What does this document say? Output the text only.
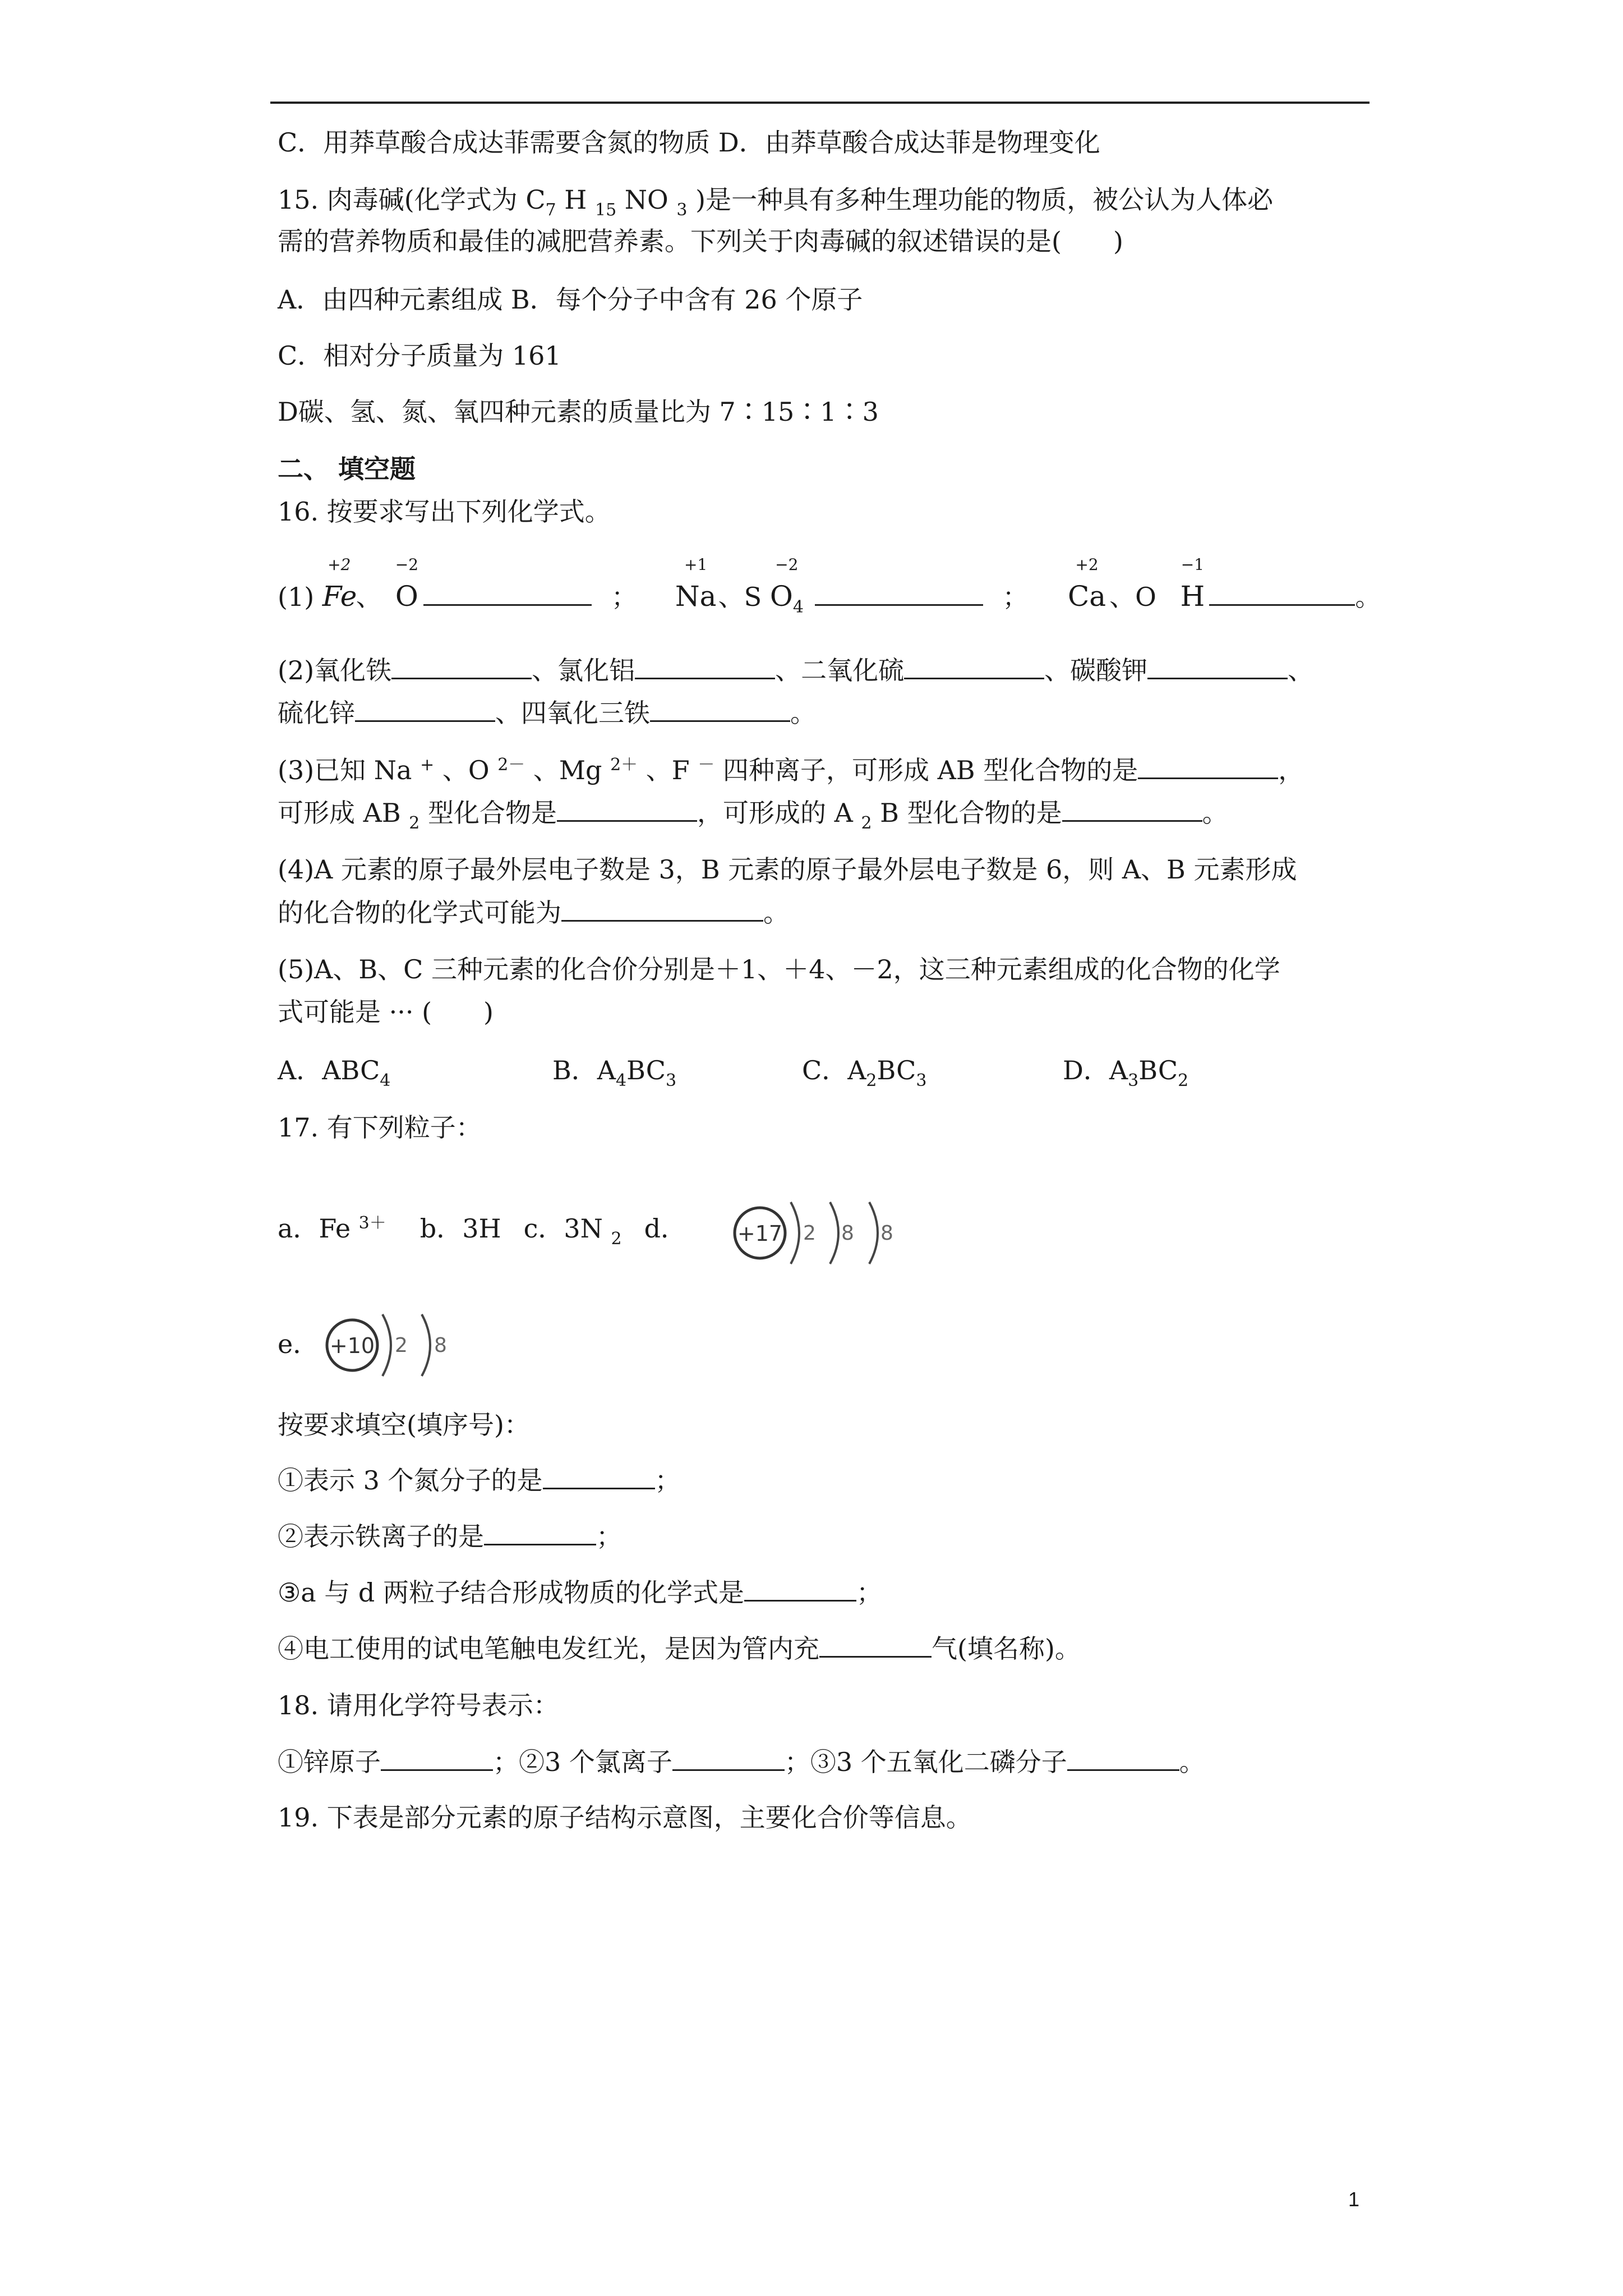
C．用莽草酸合成达菲需要含氮的物质 D．由莽草酸合成达菲是物理变化
15. 肉毒碱(化学式为 $C_7$ H $_{15}$ NO $_3$ )是一种具有多种生理功能的物质，被公认为人体必
需的营养物质和最佳的减肥营养素。下列关于肉毒碱的叙述错误的是(　　)
A．由四种元素组成 B．每个分子中含有 26 个原子
C．相对分子质量为 161
D碳、氢、氮、氧四种元素的质量比为 7∶15∶1∶3
二、 填空题
16. 按要求写出下列化学式。
(1)
+2
Fe、
−2
O	；
+1
Na、S
−2
$O_4$	；
+2
Ca 、O
−1
H	。
(2)氧化铁	、氯化铝	、二氧化硫	、碳酸钾	、
硫化锌	、四氧化三铁	。
(3)已知 Na + 、O $^{2-}$ 、Mg $^{2+}$ 、F － 四种离子，可形成 AB 型化合物的是	，
可形成 AB $_2$ 型化合物是	，可形成的 A $_2$ B 型化合物的是	。
(4)A 元素的原子最外层电子数是 3，B 元素的原子最外层电子数是 6，则 A、B 元素形成
的化合物的化学式可能为	。
(5)A、B、C 三种元素的化合价分别是＋1、＋4、－2，这三种元素组成的化合物的化学
式可能是 ··· (　　)
A．$ABC_4$	B．$A_4BC_3$	C．$A_2BC_3$	D．$A_3BC_2$
17. 有下列粒子：
a．Fe $^{3+}$ b．3H c．3N $_2$ d． +17 2 8 8
e． +10 2 8
按要求填空(填序号)：
①表示 3 个氮分子的是	；
②表示铁离子的是	；
③a 与 d 两粒子结合形成物质的化学式是	；
④电工使用的试电笔触电发红光，是因为管内充	气(填名称)。
18. 请用化学符号表示：
①锌原子	；②3 个氯离子	；③3 个五氧化二磷分子	。
19. 下表是部分元素的原子结构示意图，主要化合价等信息。
1
